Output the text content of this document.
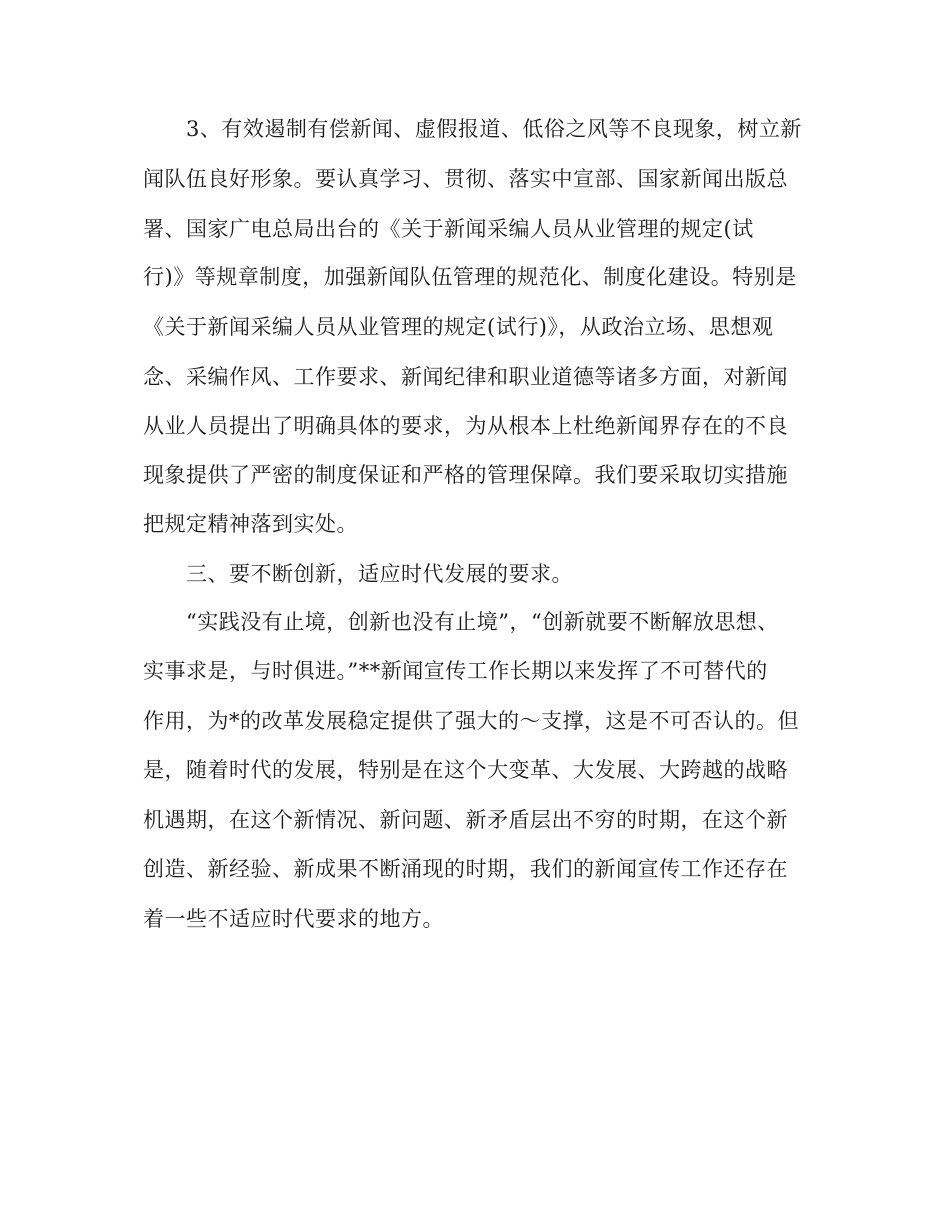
3、有效遏制有偿新闻、虚假报道、低俗之风等不良现象，树立新

闻队伍良好形象。要认真学习、贯彻、落实中宣部、国家新闻出版总

署、国家广电总局出台的《关于新闻采编人员从业管理的规定(试

行)》等规章制度，加强新闻队伍管理的规范化、制度化建设。特别是

《关于新闻采编人员从业管理的规定(试行)》，从政治立场、思想观

念、采编作风、工作要求、新闻纪律和职业道德等诸多方面，对新闻

从业人员提出了明确具体的要求，为从根本上杜绝新闻界存在的不良

现象提供了严密的制度保证和严格的管理保障。我们要采取切实措施

把规定精神落到实处。

三、要不断创新，适应时代发展的要求。

“实践没有止境，创新也没有止境”，“创新就要不断解放思想、

实事求是，与时俱进。”**新闻宣传工作长期以来发挥了不可替代的

作用，为*的改革发展稳定提供了强大的～支撑，这是不可否认的。但

是，随着时代的发展，特别是在这个大变革、大发展、大跨越的战略

机遇期，在这个新情况、新问题、新矛盾层出不穷的时期，在这个新

创造、新经验、新成果不断涌现的时期，我们的新闻宣传工作还存在

着一些不适应时代要求的地方。
